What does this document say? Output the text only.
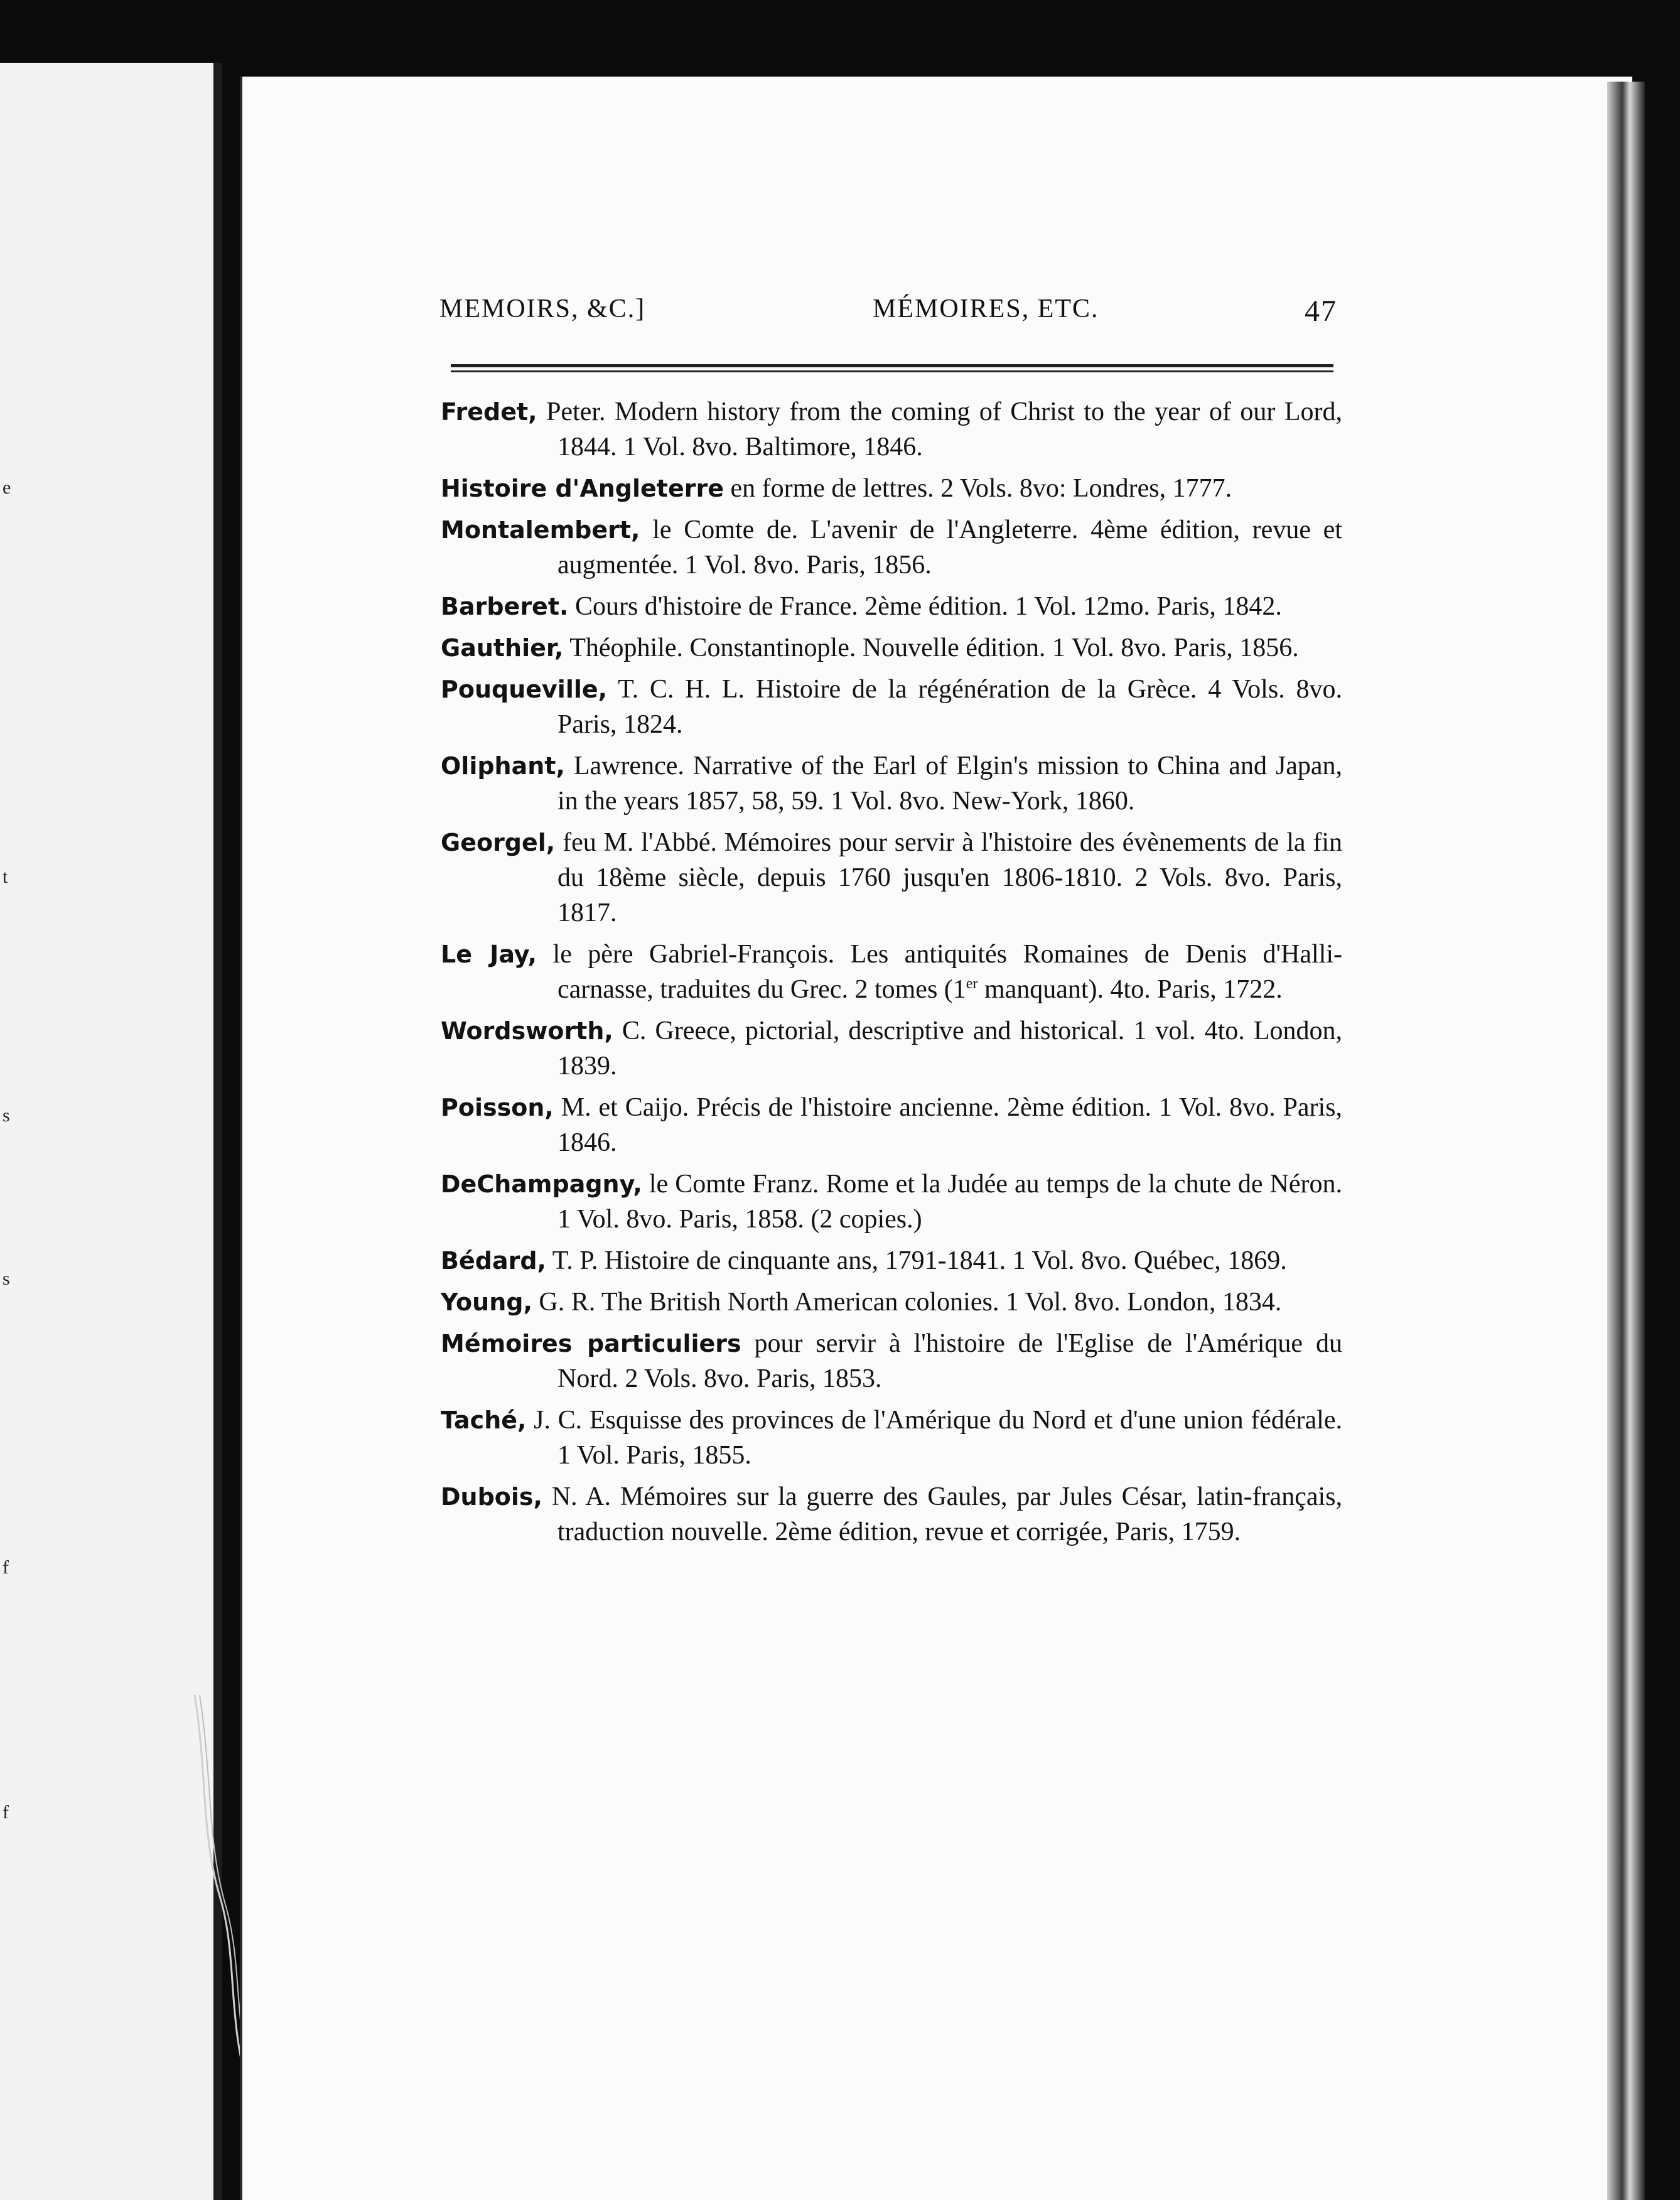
e
t
s
s
f
f
MEMOIRS, &C.]	MÉMOIRES, ETC.	47
Fredet, Peter. Modern history from the coming of Christ to the year of our Lord, 1844. 1 Vol. 8vo. Baltimore, 1846.
Histoire d'Angleterre en forme de lettres. 2 Vols. 8vo: Londres, 1777.
Montalembert, le Comte de. L'avenir de l'Angleterre. 4ème édition, revue et augmentée. 1 Vol. 8vo. Paris, 1856.
Barberet. Cours d'histoire de France. 2ème édition. 1 Vol. 12mo. Paris, 1842.
Gauthier, Théophile. Constantinople. Nouvelle édition. 1 Vol. 8vo. Paris, 1856.
Pouqueville, T. C. H. L. Histoire de la régénération de la Grèce. 4 Vols. 8vo. Paris, 1824.
Oliphant, Lawrence. Narrative of the Earl of Elgin's mission to China and Japan, in the years 1857, 58, 59. 1 Vol. 8vo. New-York, 1860.
Georgel, feu M. l'Abbé. Mémoires pour servir à l'histoire des évènements de la fin du 18ème siècle, depuis 1760 jusqu'en 1806-1810. 2 Vols. 8vo. Paris, 1817.
Le Jay, le père Gabriel-François. Les antiquités Romaines de Denis d'Halli-carnasse, traduites du Grec. 2 tomes (1er manquant). 4to. Paris, 1722.
Wordsworth, C. Greece, pictorial, descriptive and historical. 1 vol. 4to. London, 1839.
Poisson, M. et Caijo. Précis de l'histoire ancienne. 2ème édition. 1 Vol. 8vo. Paris, 1846.
DeChampagny, le Comte Franz. Rome et la Judée au temps de la chute de Néron. 1 Vol. 8vo. Paris, 1858. (2 copies.)
Bédard, T. P. Histoire de cinquante ans, 1791-1841. 1 Vol. 8vo. Québec, 1869.
Young, G. R. The British North American colonies. 1 Vol. 8vo. London, 1834.
Mémoires particuliers pour servir à l'histoire de l'Eglise de l'Amérique du Nord. 2 Vols. 8vo. Paris, 1853.
Taché, J. C. Esquisse des provinces de l'Amérique du Nord et d'une union fédérale. 1 Vol. Paris, 1855.
Dubois, N. A. Mémoires sur la guerre des Gaules, par Jules César, latin-français, traduction nouvelle. 2ème édition, revue et corrigée, Paris, 1759.
